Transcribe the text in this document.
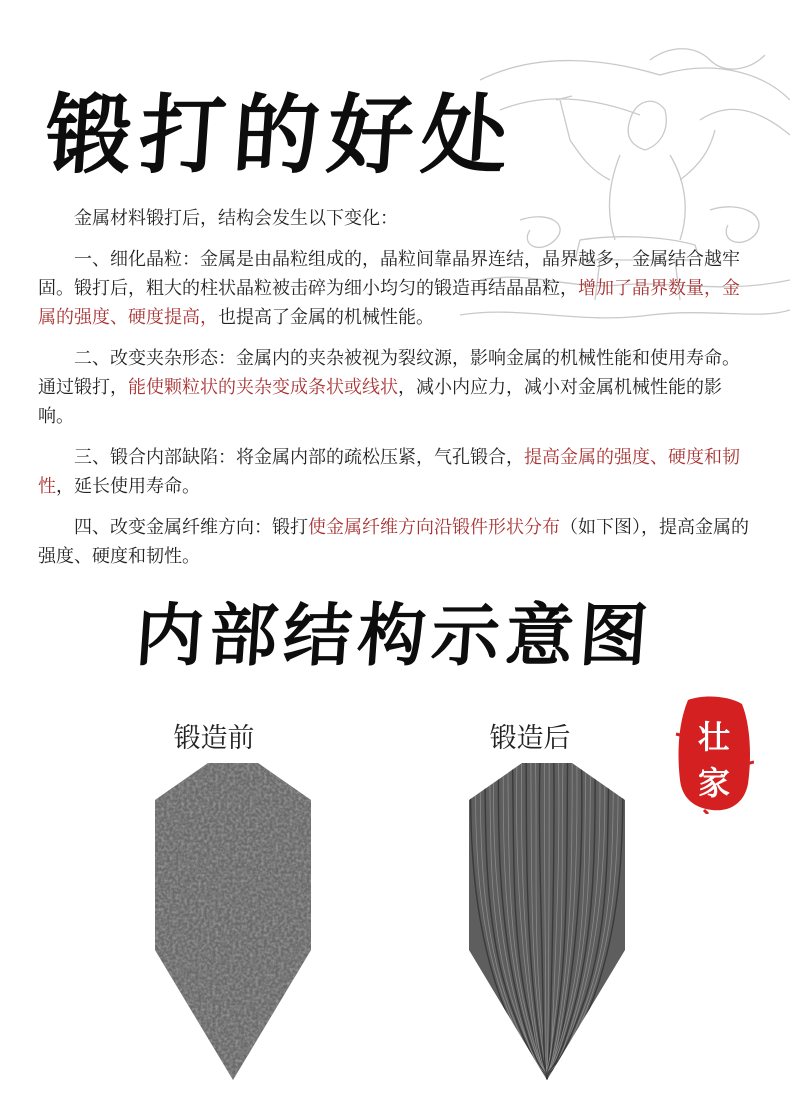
锻打的好处

金属材料锻打后，结构会发生以下变化：

一、细化晶粒：金属是由晶粒组成的，晶粒间靠晶界连结，晶界越多，金属结合越牢固。锻打后，粗大的柱状晶粒被击碎为细小均匀的锻造再结晶晶粒，增加了晶界数量，金属的强度、硬度提高，也提高了金属的机械性能。

二、改变夹杂形态：金属内的夹杂被视为裂纹源，影响金属的机械性能和使用寿命。通过锻打，能使颗粒状的夹杂变成条状或线状，减小内应力，减小对金属机械性能的影响。

三、锻合内部缺陷：将金属内部的疏松压紧，气孔锻合，提高金属的强度、硬度和韧性，延长使用寿命。

四、改变金属纤维方向：锻打使金属纤维方向沿锻件形状分布（如下图），提高金属的强度、硬度和韧性。

内部结构示意图
锻造前	锻造后	壮
家
